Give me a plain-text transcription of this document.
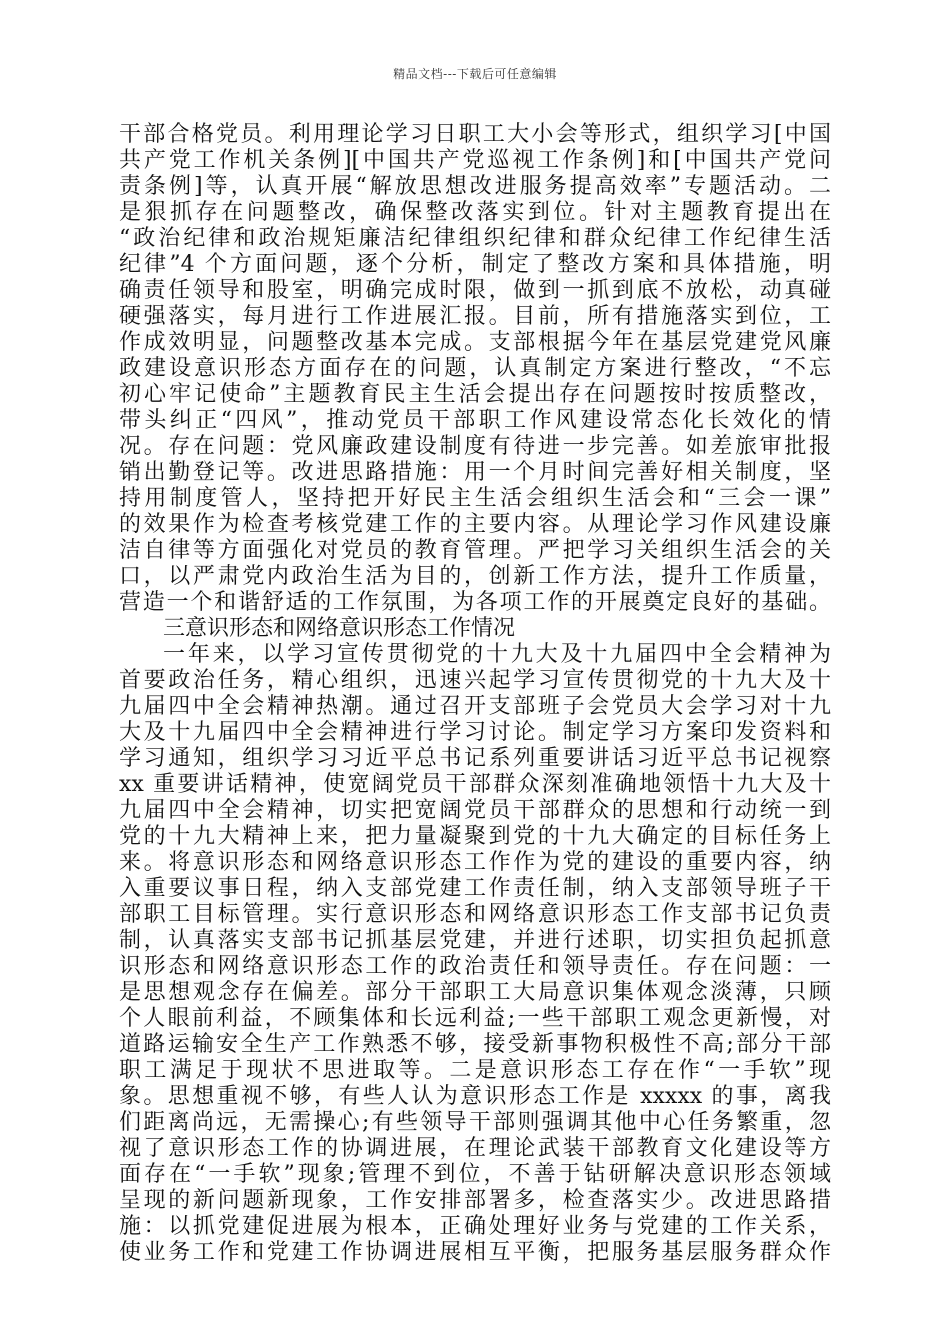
精品文档---下载后可任意编辑
干部合格党员。利用理论学习日职工大小会等形式，组织学习[中国
共产党工作机关条例][中国共产党巡视工作条例]和[中国共产党问
责条例]等，认真开展“解放思想改进服务提高效率”专题活动。二
是狠抓存在问题整改，确保整改落实到位。针对主题教育提出在
“政治纪律和政治规矩廉洁纪律组织纪律和群众纪律工作纪律生活
纪律”4 个方面问题，逐个分析，制定了整改方案和具体措施，明
确责任领导和股室，明确完成时限，做到一抓到底不放松，动真碰
硬强落实，每月进行工作进展汇报。目前，所有措施落实到位，工
作成效明显，问题整改基本完成。支部根据今年在基层党建党风廉
政建设意识形态方面存在的问题，认真制定方案进行整改，“不忘
初心牢记使命”主题教育民主生活会提出存在问题按时按质整改，
带头纠正“四风”，推动党员干部职工作风建设常态化长效化的情
况。存在问题：党风廉政建设制度有待进一步完善。如差旅审批报
销出勤登记等。改进思路措施：用一个月时间完善好相关制度，坚
持用制度管人，坚持把开好民主生活会组织生活会和“三会一课”
的效果作为检查考核党建工作的主要内容。从理论学习作风建设廉
洁自律等方面强化对党员的教育管理。严把学习关组织生活会的关
口，以严肃党内政治生活为目的，创新工作方法，提升工作质量，
营造一个和谐舒适的工作氛围，为各项工作的开展奠定良好的基础。
三意识形态和网络意识形态工作情况
一年来，以学习宣传贯彻党的十九大及十九届四中全会精神为
首要政治任务，精心组织，迅速兴起学习宣传贯彻党的十九大及十
九届四中全会精神热潮。通过召开支部班子会党员大会学习对十九
大及十九届四中全会精神进行学习讨论。制定学习方案印发资料和
学习通知，组织学习习近平总书记系列重要讲话习近平总书记视察
xx 重要讲话精神，使宽阔党员干部群众深刻准确地领悟十九大及十
九届四中全会精神，切实把宽阔党员干部群众的思想和行动统一到
党的十九大精神上来，把力量凝聚到党的十九大确定的目标任务上
来。将意识形态和网络意识形态工作作为党的建设的重要内容，纳
入重要议事日程，纳入支部党建工作责任制，纳入支部领导班子干
部职工目标管理。实行意识形态和网络意识形态工作支部书记负责
制，认真落实支部书记抓基层党建，并进行述职，切实担负起抓意
识形态和网络意识形态工作的政治责任和领导责任。存在问题：一
是思想观念存在偏差。部分干部职工大局意识集体观念淡薄，只顾
个人眼前利益，不顾集体和长远利益;一些干部职工观念更新慢，对
道路运输安全生产工作熟悉不够，接受新事物积极性不高;部分干部
职工满足于现状不思进取等。二是意识形态工存在作“一手软”现
象。思想重视不够，有些人认为意识形态工作是 xxxxx 的事，离我
们距离尚远，无需操心;有些领导干部则强调其他中心任务繁重，忽
视了意识形态工作的协调进展，在理论武装干部教育文化建设等方
面存在“一手软”现象;管理不到位，不善于钻研解决意识形态领域
呈现的新问题新现象，工作安排部署多，检查落实少。改进思路措
施：以抓党建促进展为根本，正确处理好业务与党建的工作关系，
使业务工作和党建工作协调进展相互平衡，把服务基层服务群众作
